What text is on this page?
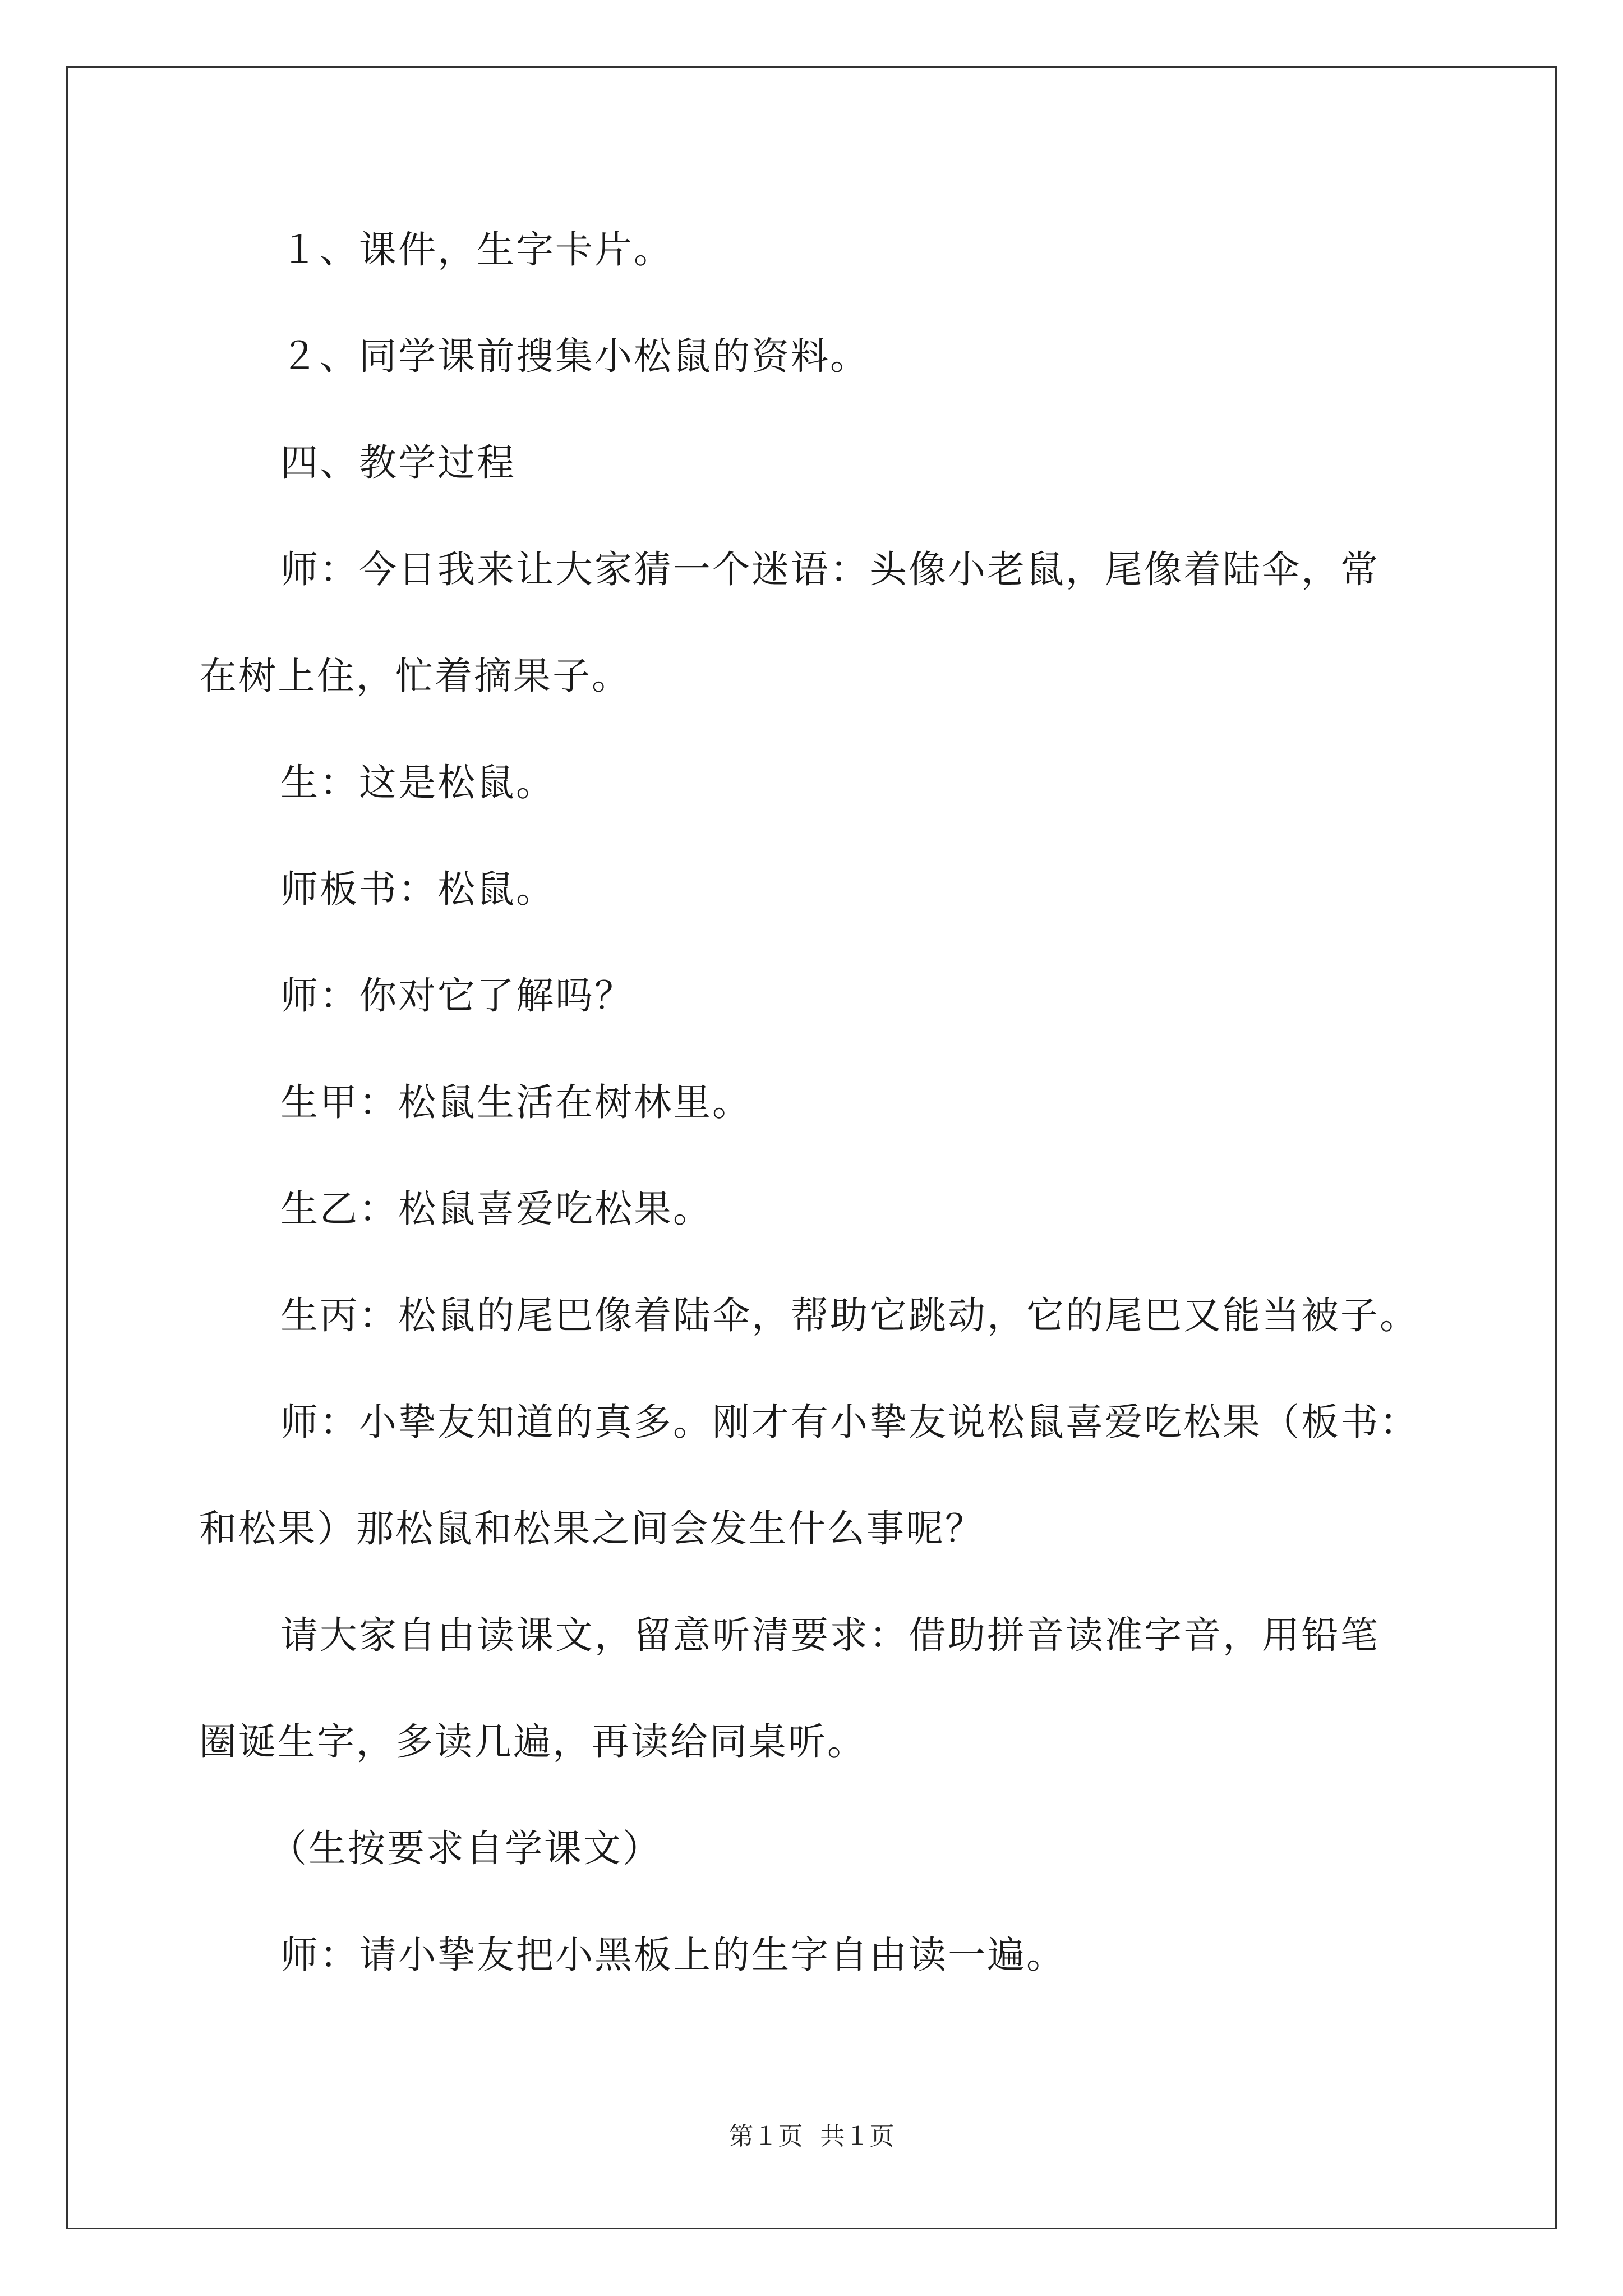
１、课件，生字卡片。

２、同学课前搜集小松鼠的资料。

四、教学过程

师：今日我来让大家猜一个迷语：头像小老鼠，尾像着陆伞，常

在树上住，忙着摘果子。

生：这是松鼠。

师板书：松鼠。

师：你对它了解吗？

生甲：松鼠生活在树林里。

生乙：松鼠喜爱吃松果。

生丙：松鼠的尾巴像着陆伞，帮助它跳动，它的尾巴又能当被子。

师：小挚友知道的真多。刚才有小挚友说松鼠喜爱吃松果（板书：

和松果）那松鼠和松果之间会发生什么事呢？

请大家自由读课文，留意听清要求：借助拼音读准字音，用铅笔

圈诞生字，多读几遍，再读给同桌听。

（生按要求自学课文）

师：请小挚友把小黑板上的生字自由读一遍。

第１页 共１页
